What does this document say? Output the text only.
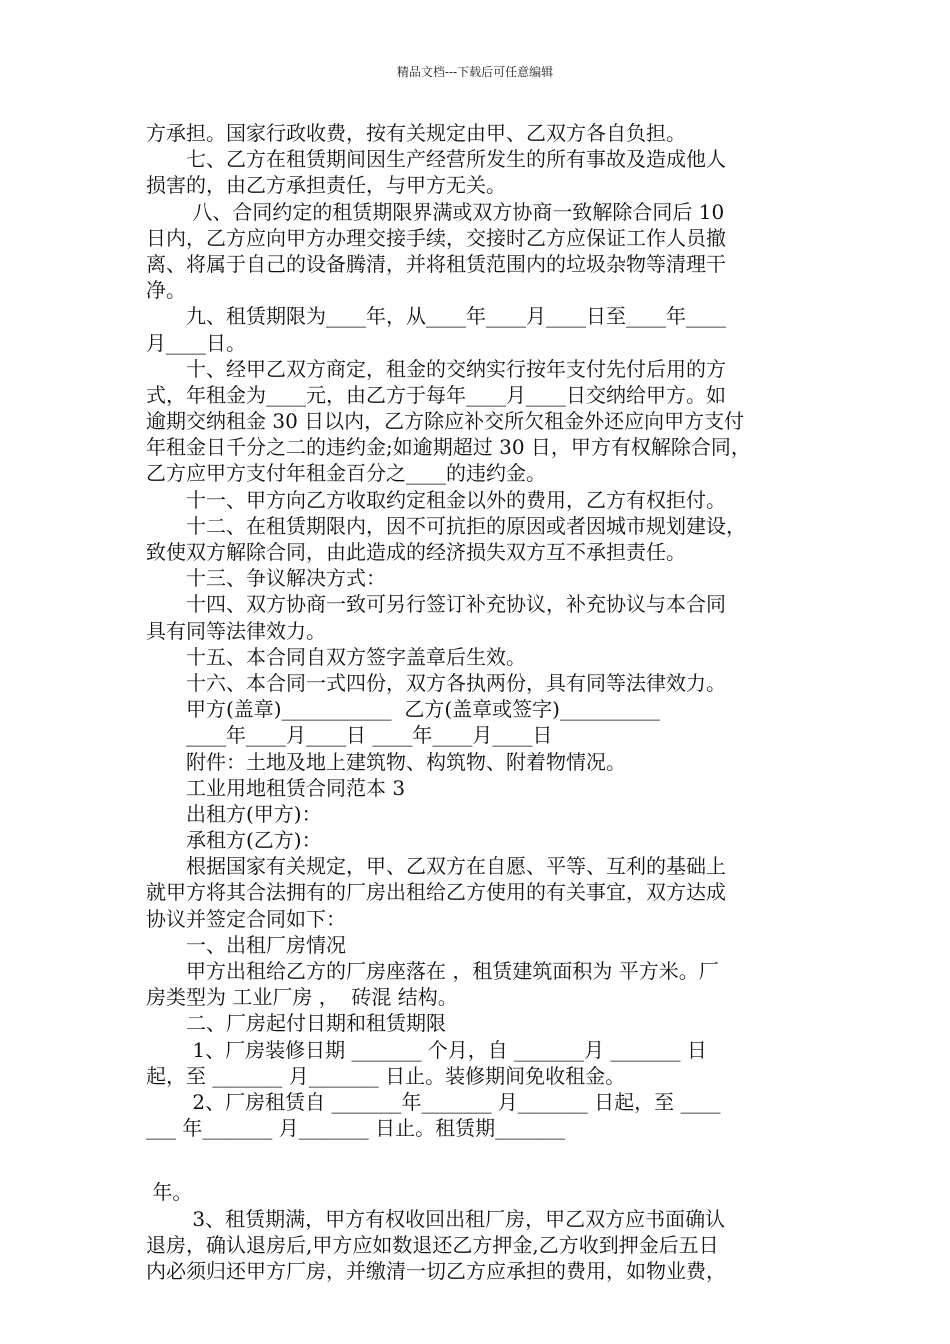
精品文档---下载后可任意编辑
方承担。国家行政收费，按有关规定由甲、乙双方各自负担。
　　七、乙方在租赁期间因生产经营所发生的所有事故及造成他人
损害的，由乙方承担责任，与甲方无关。
　　 八、合同约定的租赁期限界满或双方协商一致解除合同后 10
日内，乙方应向甲方办理交接手续，交接时乙方应保证工作人员撤
离、将属于自己的设备腾清，并将租赁范围内的垃圾杂物等清理干
净。
　　九、租赁期限为____年，从____年____月____日至____年____
月____日。
　　十、经甲乙双方商定，租金的交纳实行按年支付先付后用的方
式，年租金为____元，由乙方于每年____月____日交纳给甲方。如
逾期交纳租金 30 日以内，乙方除应补交所欠租金外还应向甲方支付
年租金日千分之二的违约金;如逾期超过 30 日，甲方有权解除合同，
乙方应甲方支付年租金百分之____的违约金。
　　十一、甲方向乙方收取约定租金以外的费用，乙方有权拒付。
　　十二、在租赁期限内，因不可抗拒的原因或者因城市规划建设，
致使双方解除合同，由此造成的经济损失双方互不承担责任。
　　十三、争议解决方式：
　　十四、双方协商一致可另行签订补充协议，补充协议与本合同
具有同等法律效力。
　　十五、本合同自双方签字盖章后生效。
　　十六、本合同一式四份，双方各执两份，具有同等法律效力。
　　甲方(盖章)___________  乙方(盖章或签字)__________
　　____年____月____日 ____年____月____日
　　附件：土地及地上建筑物、构筑物、附着物情况。
　　工业用地租赁合同范本 3
　　出租方(甲方)：
　　承租方(乙方)：
　　根据国家有关规定，甲、乙双方在自愿、平等、互利的基础上
就甲方将其合法拥有的厂房出租给乙方使用的有关事宜，双方达成
协议并签定合同如下：
　　一、出租厂房情况
　　甲方出租给乙方的厂房座落在 ，租赁建筑面积为 平方米。厂
房类型为 工业厂房 ，  砖混 结构。
　　二、厂房起付日期和租赁期限
　　 1、厂房装修日期 _______ 个月，自 _______月 _______ 日
起，至 _______ 月_______ 日止。装修期间免收租金。
　　 2、厂房租赁自 _______年_______ 月_______ 日起，至 ____
___ 年_______ 月_______ 日止。租赁期_______
年。
　　 3、租赁期满，甲方有权收回出租厂房，甲乙双方应书面确认
退房，确认退房后,甲方应如数退还乙方押金,乙方收到押金后五日
内必须归还甲方厂房，并缴清一切乙方应承担的费用，如物业费，
